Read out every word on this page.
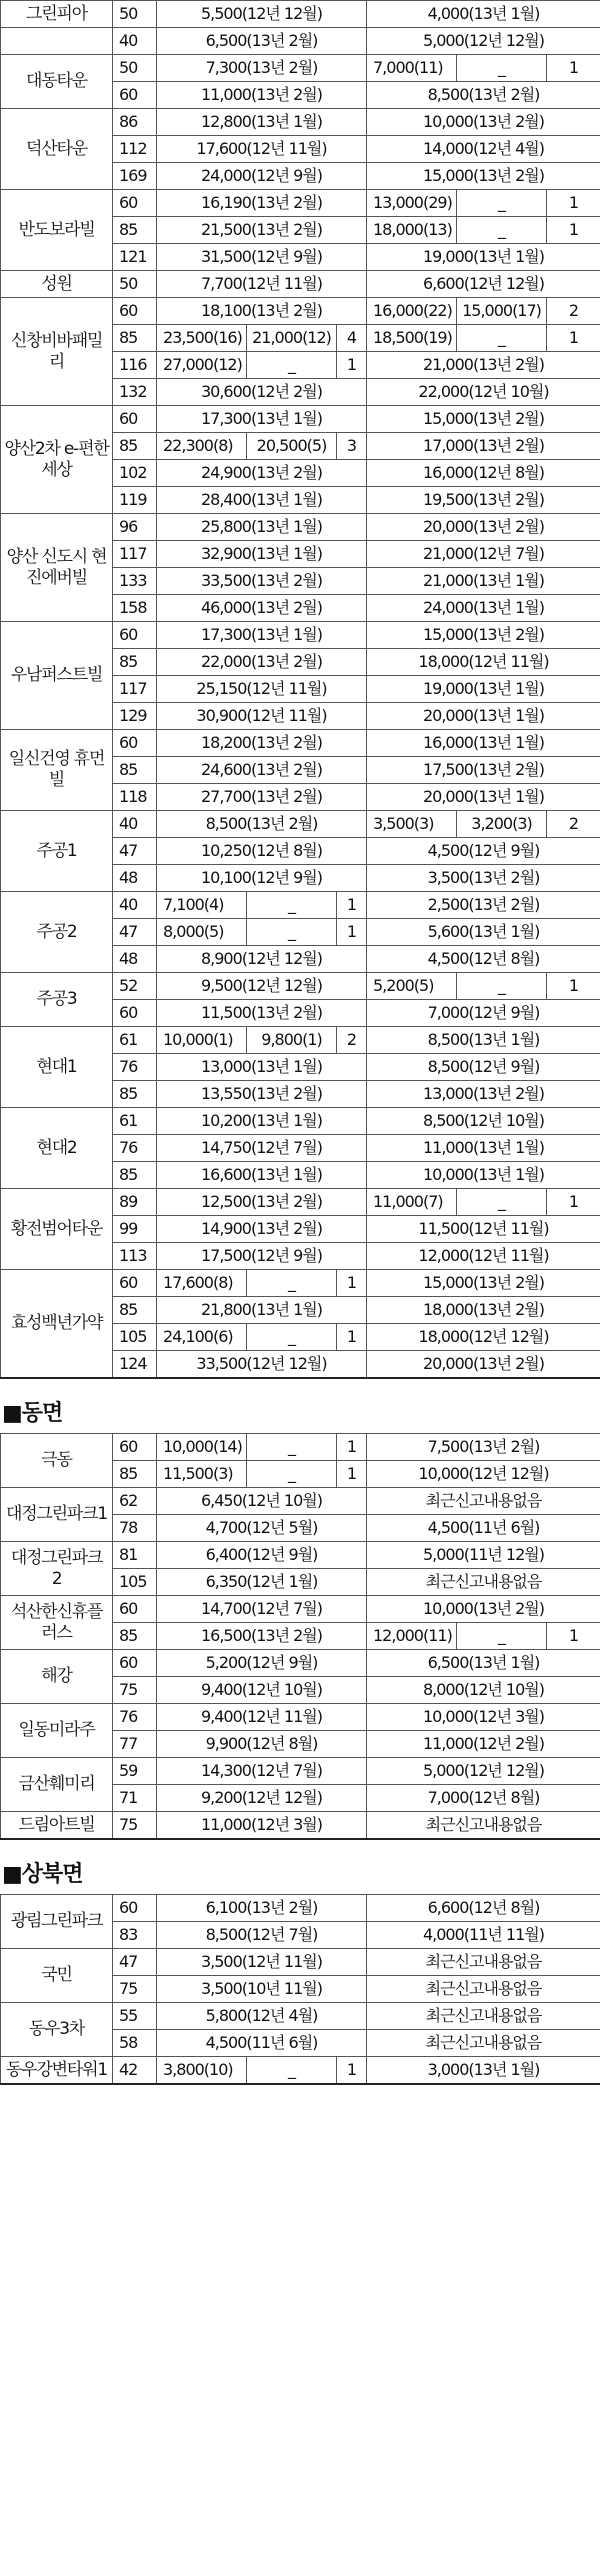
그린피아	50	5,500(12년 12월)			4,000(13년 1월)		
	40	6,500(13년 2월)			5,000(12년 12월)		
대동타운	50	7,300(13년 2월)			7,000(11)	_	1
	60	11,000(13년 2월)			8,500(13년 2월)		
덕산타운	86	12,800(13년 1월)			10,000(13년 2월)		
	112	17,600(12년 11월)			14,000(12년 4월)		
	169	24,000(12년 9월)			15,000(13년 2월)		
반도보라빌	60	16,190(13년 2월)			13,000(29)	_	1
	85	21,500(13년 2월)			18,000(13)	_	1
	121	31,500(12년 9월)			19,000(13년 1월)		
성원	50	7,700(12년 11월)			6,600(12년 12월)		
신창비바패밀리	60	18,100(13년 2월)			16,000(22)	15,000(17)	2
	85	23,500(16)	21,000(12)	4	18,500(19)	_	1
	116	27,000(12)	_	1	21,000(13년 2월)		
	132	30,600(12년 2월)			22,000(12년 10월)		
양산2차 e-편한세상	60	17,300(13년 1월)			15,000(13년 2월)		
	85	22,300(8)	20,500(5)	3	17,000(13년 2월)		
	102	24,900(13년 2월)			16,000(12년 8월)		
	119	28,400(13년 1월)			19,500(13년 2월)		
양산 신도시 현진에버빌	96	25,800(13년 1월)			20,000(13년 2월)		
	117	32,900(13년 1월)			21,000(12년 7월)		
	133	33,500(13년 2월)			21,000(13년 1월)		
	158	46,000(13년 2월)			24,000(13년 1월)		
우남퍼스트빌	60	17,300(13년 1월)			15,000(13년 2월)		
	85	22,000(13년 2월)			18,000(12년 11월)		
	117	25,150(12년 11월)			19,000(13년 1월)		
	129	30,900(12년 11월)			20,000(13년 1월)		
일신건영 휴먼빌	60	18,200(13년 2월)			16,000(13년 1월)		
	85	24,600(13년 2월)			17,500(13년 2월)		
	118	27,700(13년 2월)			20,000(13년 1월)		
주공1	40	8,500(13년 2월)			3,500(3)	3,200(3)	2
	47	10,250(12년 8월)			4,500(12년 9월)		
	48	10,100(12년 9월)			3,500(13년 2월)		
주공2	40	7,100(4)	_	1	2,500(13년 2월)		
	47	8,000(5)	_	1	5,600(13년 1월)		
	48	8,900(12년 12월)			4,500(12년 8월)		
주공3	52	9,500(12년 12월)			5,200(5)	_	1
	60	11,500(13년 2월)			7,000(12년 9월)		
현대1	61	10,000(1)	9,800(1)	2	8,500(13년 1월)		
	76	13,000(13년 1월)			8,500(12년 9월)		
	85	13,550(13년 2월)			13,000(13년 2월)		
현대2	61	10,200(13년 1월)			8,500(12년 10월)		
	76	14,750(12년 7월)			11,000(13년 1월)		
	85	16,600(13년 1월)			10,000(13년 1월)		
황전범어타운	89	12,500(13년 2월)			11,000(7)	_	1
	99	14,900(13년 2월)			11,500(12년 11월)		
	113	17,500(12년 9월)			12,000(12년 11월)		
효성백년가약	60	17,600(8)	_	1	15,000(13년 2월)		
	85	21,800(13년 1월)			18,000(13년 2월)		
	105	24,100(6)	_	1	18,000(12년 12월)		
	124	33,500(12년 12월)			20,000(13년 2월)		
■동면
극동	60	10,000(14)	_	1	7,500(13년 2월)		
	85	11,500(3)	_	1	10,000(12년 12월)		
대정그린파크1	62	6,450(12년 10월)			최근신고내용없음		
	78	4,700(12년 5월)			4,500(11년 6월)		
대정그린파크 2	81	6,400(12년 9월)			5,000(11년 12월)		
	105	6,350(12년 1월)			최근신고내용없음		
석산한신휴플러스	60	14,700(12년 7월)			10,000(13년 2월)		
	85	16,500(13년 2월)			12,000(11)	_	1
해강	60	5,200(12년 9월)			6,500(13년 1월)		
	75	9,400(12년 10월)			8,000(12년 10월)		
일동미라주	76	9,400(12년 11월)			10,000(12년 3월)		
	77	9,900(12년 8월)			11,000(12년 2월)		
금산훼미리	59	14,300(12년 7월)			5,000(12년 12월)		
	71	9,200(12년 12월)			7,000(12년 8월)		
드림아트빌	75	11,000(12년 3월)			최근신고내용없음		
■상북면
광림그린파크	60	6,100(13년 2월)			6,600(12년 8월)
	83	8,500(12년 7월)			4,000(11년 11월)
국민	47	3,500(12년 11월)			최근신고내용없음
	75	3,500(10년 11월)			최근신고내용없음
동우3차	55	5,800(12년 4월)			최근신고내용없음
	58	4,500(11년 6월)			최근신고내용없음
동우강변타워1	42	3,800(10)	_	1	3,000(13년 1월)
